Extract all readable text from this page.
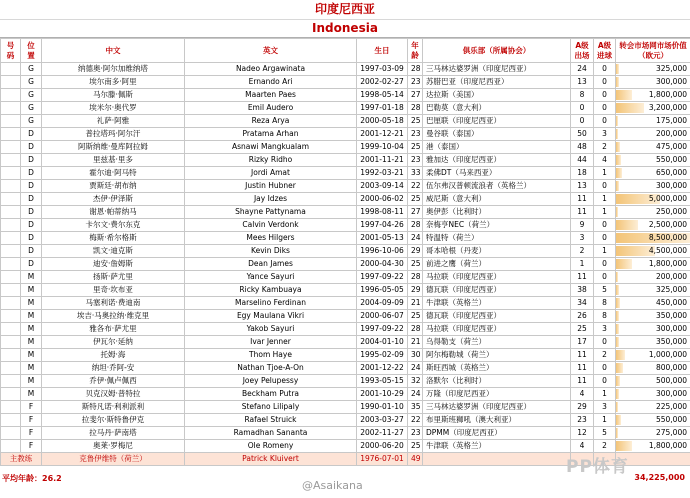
印度尼西亚
Indonesia
号码	位置	中文	英文	生日	年龄	俱乐部（所属协会）	A级出场	A级进球	转会市场网市场价值（欧元）
	G	纳德奥·阿尔加维纳塔	Nadeo Argawinata	1997-03-09	28	三马林达婆罗洲（印度尼西亚）	24	0	325,000

	G	埃尔南多·阿里	Ernando Ari	2002-02-27	23	苏腊巴亚（印度尼西亚）	13	0	300,000

	G	马尔滕·佩斯	Maarten Paes	1998-05-14	27	达拉斯（美国）	8	0	1,800,000

	G	埃米尔·奥代罗	Emil Audero	1997-01-18	28	巴勒莫（意大利）	0	0	3,200,000

	G	礼萨·阿雅	Reza Arya	2000-05-18	25	巴厘联（印度尼西亚）	0	0	175,000

	D	普拉塔玛·阿尔汗	Pratama Arhan	2001-12-21	23	曼谷联（泰国）	50	3	200,000

	D	阿斯纳维·曼库阿拉姆	Asnawi Mangkualam	1999-10-04	25	港（泰国）	48	2	475,000

	D	里兹基·里多	Rizky Ridho	2001-11-21	23	雅加达（印度尼西亚）	44	4	550,000

	D	霍尔迪·阿马特	Jordi Amat	1992-03-21	33	柔佛DT（马来西亚）	18	1	650,000

	D	贾斯廷·胡布纳	Justin Hubner	2003-09-14	22	伍尔弗汉普顿流浪者（英格兰）	13	0	300,000

	D	杰伊·伊泽斯	Jay Idzes	2000-06-02	25	威尼斯（意大利）	11	1	5,000,000

	D	谢恩·帕蒂纳马	Shayne Pattynama	1998-08-11	27	奥伊彭（比利时）	11	1	250,000

	D	卡尔文·费尔东克	Calvin Verdonk	1997-04-26	28	奈梅亨NEC（荷兰）	9	0	2,500,000

	D	梅斯·希尔格斯	Mees Hilgers	2001-05-13	24	特温特（荷兰）	3	0	8,500,000

	D	凯文·迪克斯	Kevin Diks	1996-10-06	29	哥本哈根（丹麦）	2	1	4,500,000

	D	迪安·詹姆斯	Dean James	2000-04-30	25	前进之鹰（荷兰）	1	0	1,800,000

	M	扬斯·萨尤里	Yance Sayuri	1997-09-22	28	马拉联（印度尼西亚）	11	0	200,000

	M	里奇·坎布亚	Ricky Kambuaya	1996-05-05	29	德瓦联（印度尼西亚）	38	5	325,000

	M	马塞利诺·费迪南	Marselino Ferdinan	2004-09-09	21	牛津联（英格兰）	34	8	450,000

	M	埃吉·马奥拉纳·维克里	Egy Maulana Vikri	2000-06-07	25	德瓦联（印度尼西亚）	26	8	350,000

	M	雅各布·萨尤里	Yakob Sayuri	1997-09-22	28	马拉联（印度尼西亚）	25	3	300,000

	M	伊瓦尔·延纳	Ivar Jenner	2004-01-10	21	乌得勒支（荷兰）	17	0	350,000

	M	托姆·海	Thom Haye	1995-02-09	30	阿尔梅勒城（荷兰）	11	2	1,000,000

	M	纳坦·乔阿-安	Nathan Tjoe-A-On	2001-12-22	24	斯旺西城（英格兰）	11	0	800,000

	M	乔伊·佩卢佩西	Joey Pelupessy	1993-05-15	32	洛默尔（比利时）	11	0	500,000

	M	贝克汉姆·普特拉	Beckham Putra	2001-10-29	24	万隆（印度尼西亚）	4	1	300,000

	F	斯特凡诺·利利派利	Stefano Lilipaly	1990-01-10	35	三马林达婆罗洲（印度尼西亚）	29	3	225,000

	F	拉斐尔·斯特鲁伊克	Rafael Struick	2003-03-27	22	布里斯班狮吼（澳大利亚）	23	1	550,000

	F	拉马丹·萨南塔	Ramadhan Sananta	2002-11-27	23	DPMM（印度尼西亚）	12	5	275,000

	F	奥莱·罗梅尼	Ole Romeny	2000-06-20	25	牛津联（英格兰）	4	2	1,800,000

主教练		克鲁伊维特（荷兰）	Patrick Kluivert	1976-07-01	49				
平均年龄：26.2	34,225,000
@Asaikana
PP体育
